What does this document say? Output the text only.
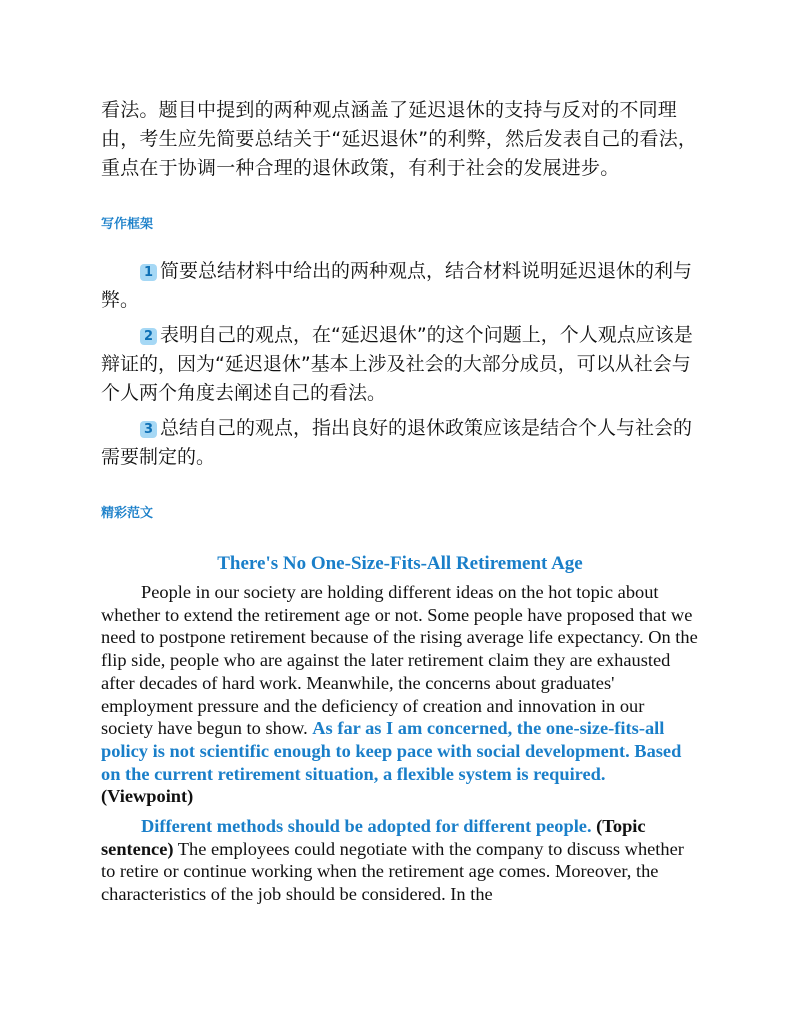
看法。题目中提到的两种观点涵盖了延迟退休的支持与反对的不同理由，考生应先简要总结关于“延迟退休”的利弊，然后发表自己的看法，重点在于协调一种合理的退休政策，有利于社会的发展进步。

写作框架

1 简要总结材料中给出的两种观点，结合材料说明延迟退休的利与弊。

2 表明自己的观点，在“延迟退休”的这个问题上，个人观点应该是辩证的，因为“延迟退休”基本上涉及社会的大部分成员，可以从社会与个人两个角度去阐述自己的看法。

3 总结自己的观点，指出良好的退休政策应该是结合个人与社会的需要制定的。

精彩范文
There's No One-Size-Fits-All Retirement Age

People in our society are holding different ideas on the hot topic about whether to extend the retirement age or not. Some people have proposed that we need to postpone retirement because of the rising average life expectancy. On the flip side, people who are against the later retirement claim they are exhausted after decades of hard work. Meanwhile, the concerns about graduates' employment pressure and the deficiency of creation and innovation in our society have begun to show. As far as I am concerned, the one-size-fits-all policy is not scientific enough to keep pace with social development. Based on the current retirement situation, a flexible system is required. (Viewpoint)

Different methods should be adopted for different people. (Topic sentence) The employees could negotiate with the company to discuss whether to retire or continue working when the retirement age comes. Moreover, the characteristics of the job should be considered. In the
